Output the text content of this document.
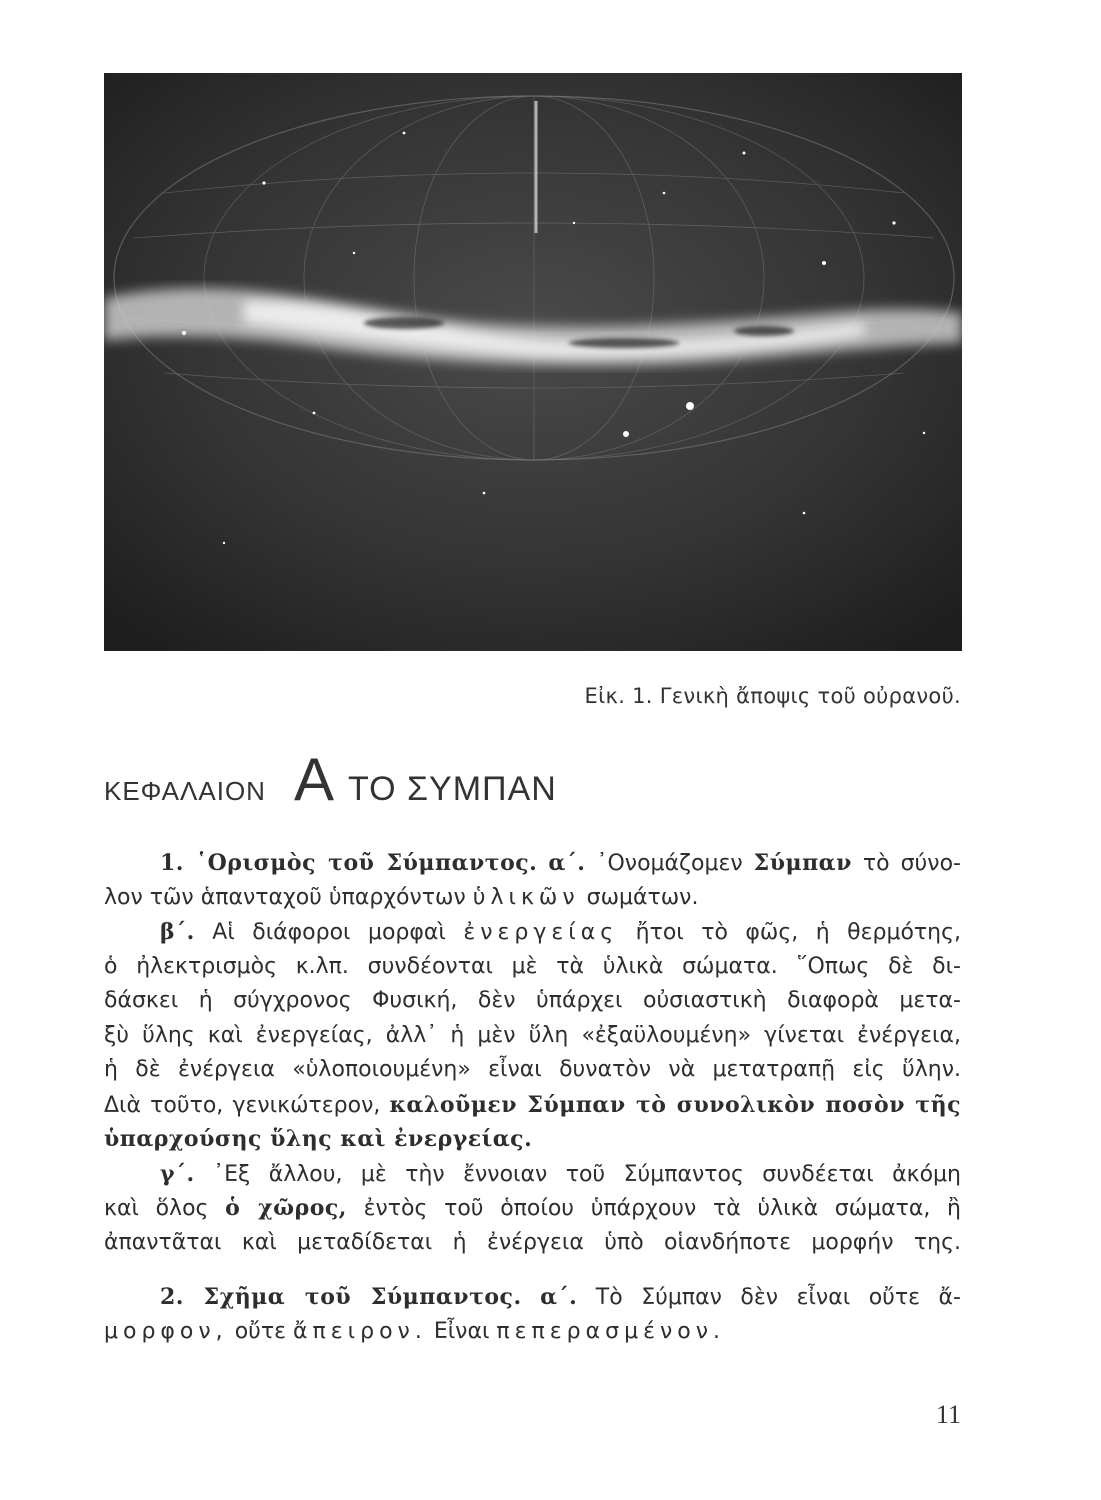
Εἰκ. 1. Γενικὴ ἄποψις τοῦ οὐρανοῦ.
ΚΕΦΑΛΑΙΟΝ Α ΤΟ ΣΥΜΠΑΝ
1. ῾Ορισμὸς τοῦ Σύμπαντος. α΄. ᾿Ονομάζομεν Σύμπαν τὸ σύνο-
λον τῶν ἁπανταχοῦ ὑπαρχόντων ὑλικῶν σωμάτων.
β΄. Αἱ διάφοροι μορφαὶ ἐνεργείας ἤτοι τὸ φῶς, ἡ θερμότης,
ὁ ἠλεκτρισμὸς κ.λπ. συνδέονται μὲ τὰ ὑλικὰ σώματα. ῞Οπως δὲ δι-
δάσκει ἡ σύγχρονος Φυσική, δὲν ὑπάρχει οὐσιαστικὴ διαφορὰ μετα-
ξὺ ὕλης καὶ ἐνεργείας, ἀλλ᾿ ἡ μὲν ὕλη «ἐξαϋλουμένη» γίνεται ἐνέργεια,
ἡ δὲ ἐνέργεια «ὑλοποιουμένη» εἶναι δυνατὸν νὰ μετατραπῇ εἰς ὕλην.
Διὰ τοῦτο, γενικώτερον, καλοῦμεν Σύμπαν τὸ συνολικὸν ποσὸν τῆς
ὑπαρχούσης ὕλης καὶ ἐνεργείας.
γ΄. ᾿Εξ ἄλλου, μὲ τὴν ἔννοιαν τοῦ Σύμπαντος συνδέεται ἀκόμη
καὶ ὅλος ὁ χῶρος, ἐντὸς τοῦ ὁποίου ὑπάρχουν τὰ ὑλικὰ σώματα, ἢ
ἀπαντᾶται καὶ μεταδίδεται ἡ ἐνέργεια ὑπὸ οἱανδήποτε μορφήν της.
2. Σχῆμα τοῦ Σύμπαντος. α΄. Τὸ Σύμπαν δὲν εἶναι οὔτε ἄ-
μορφον, οὔτε ἄπειρον. Εἶναι πεπερασμένον.
11
